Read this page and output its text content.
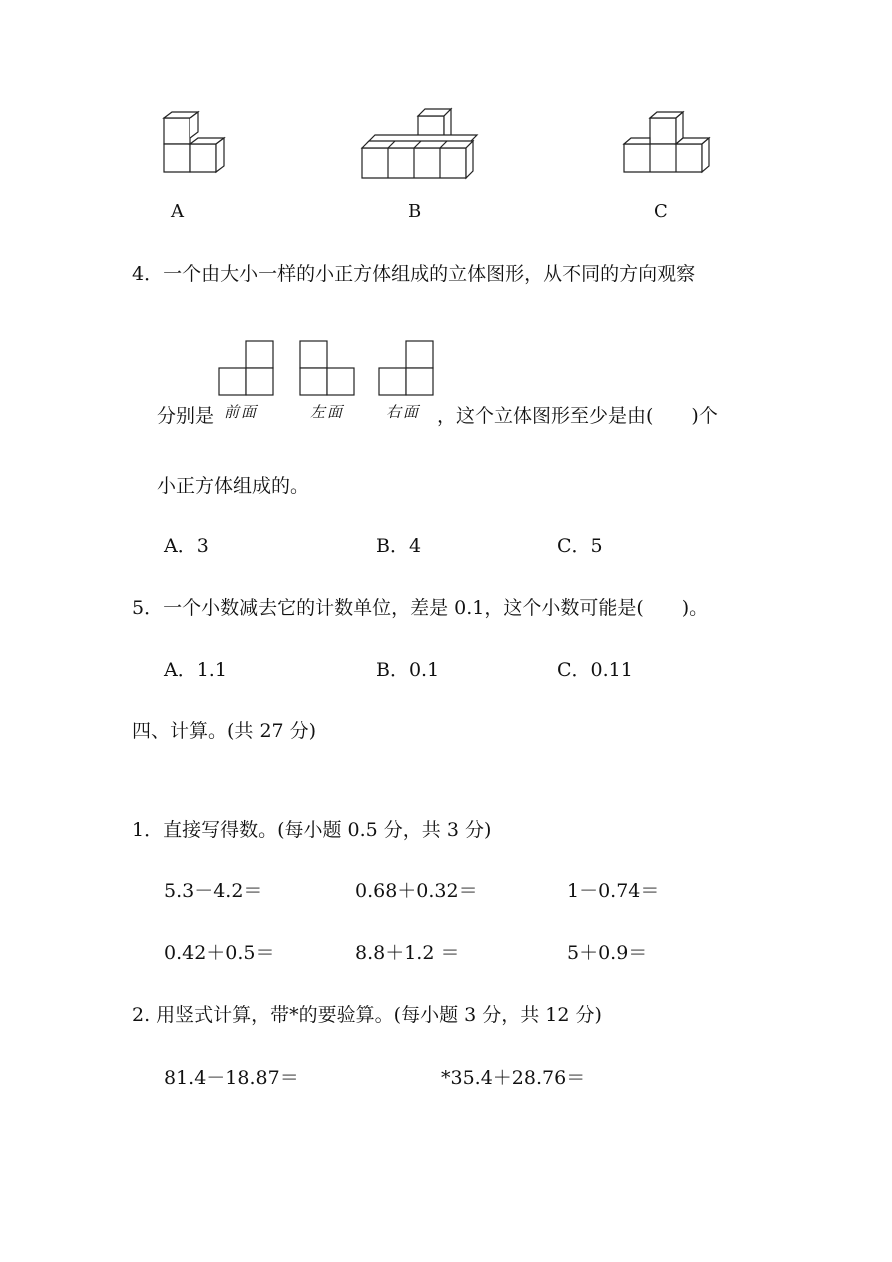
A	B	C
4．一个由大小一样的小正方体组成的立体图形，从不同的方向观察
分别是 前面	左面	右面 ，这个立体图形至少是由(　　)个
小正方体组成的。
A．3	B．4	C．5
5．一个小数减去它的计数单位，差是 0.1，这个小数可能是(　　)。
A．1.1	B．0.1	C．0.11
四、计算。(共 27 分)
1．直接写得数。(每小题 0.5 分，共 3 分)
5.3－4.2＝	0.68＋0.32＝	1－0.74＝
0.42＋0.5＝	8.8＋1.2 ＝	5＋0.9＝
2. 用竖式计算，带*的要验算。(每小题 3 分，共 12 分)
81.4－18.87＝	*35.4＋28.76＝
